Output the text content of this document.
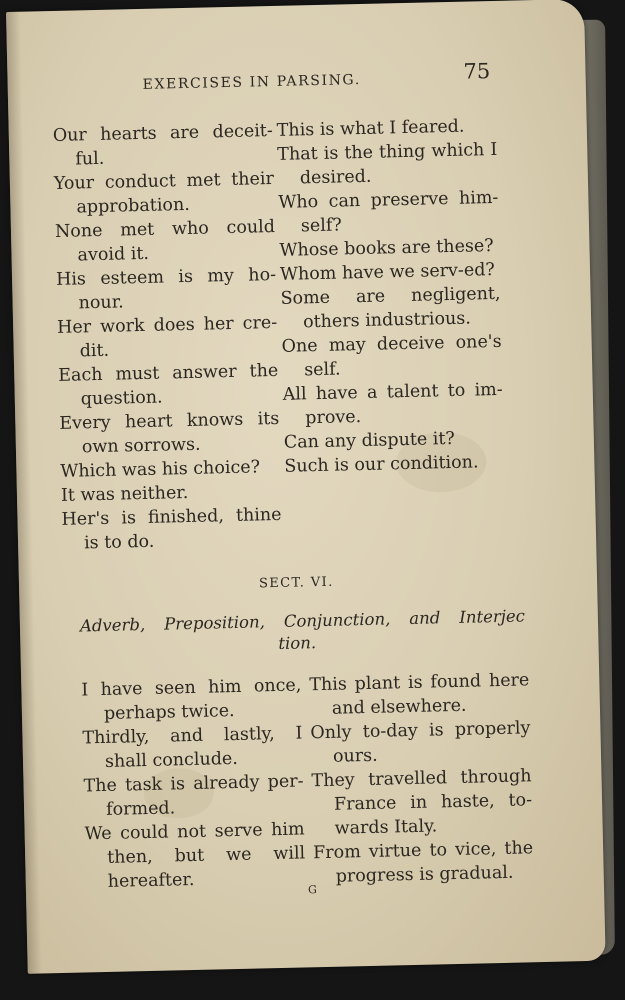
EXERCISES IN PARSING.	75

Our hearts are deceit-ful.

Your conduct met their approbation.

None met who could avoid it.

His esteem is my ho-nour.

Her work does her cre-dit.

Each must answer the question.

Every heart knows its own sorrows.

Which was his choice?

It was neither.

Her's is finished, thine is to do.

This is what I feared.

That is the thing which I desired.

Who can preserve him-self?

Whose books are these?

Whom have we serv-ed?

Some are negligent, others industrious.

One may deceive one's self.

All have a talent to im-prove.

Can any dispute it?

Such is our condition.

SECT. VI.
Adverb, Preposition, Conjunction, and Interjec
tion.

I have seen him once, perhaps twice.

Thirdly, and lastly, I shall conclude.

The task is already per-formed.

We could not serve him then, but we will hereafter.

This plant is found here and elsewhere.

Only to-day is properly ours.

They travelled through France in haste, to-wards Italy.

From virtue to vice, the progress is gradual.

G
